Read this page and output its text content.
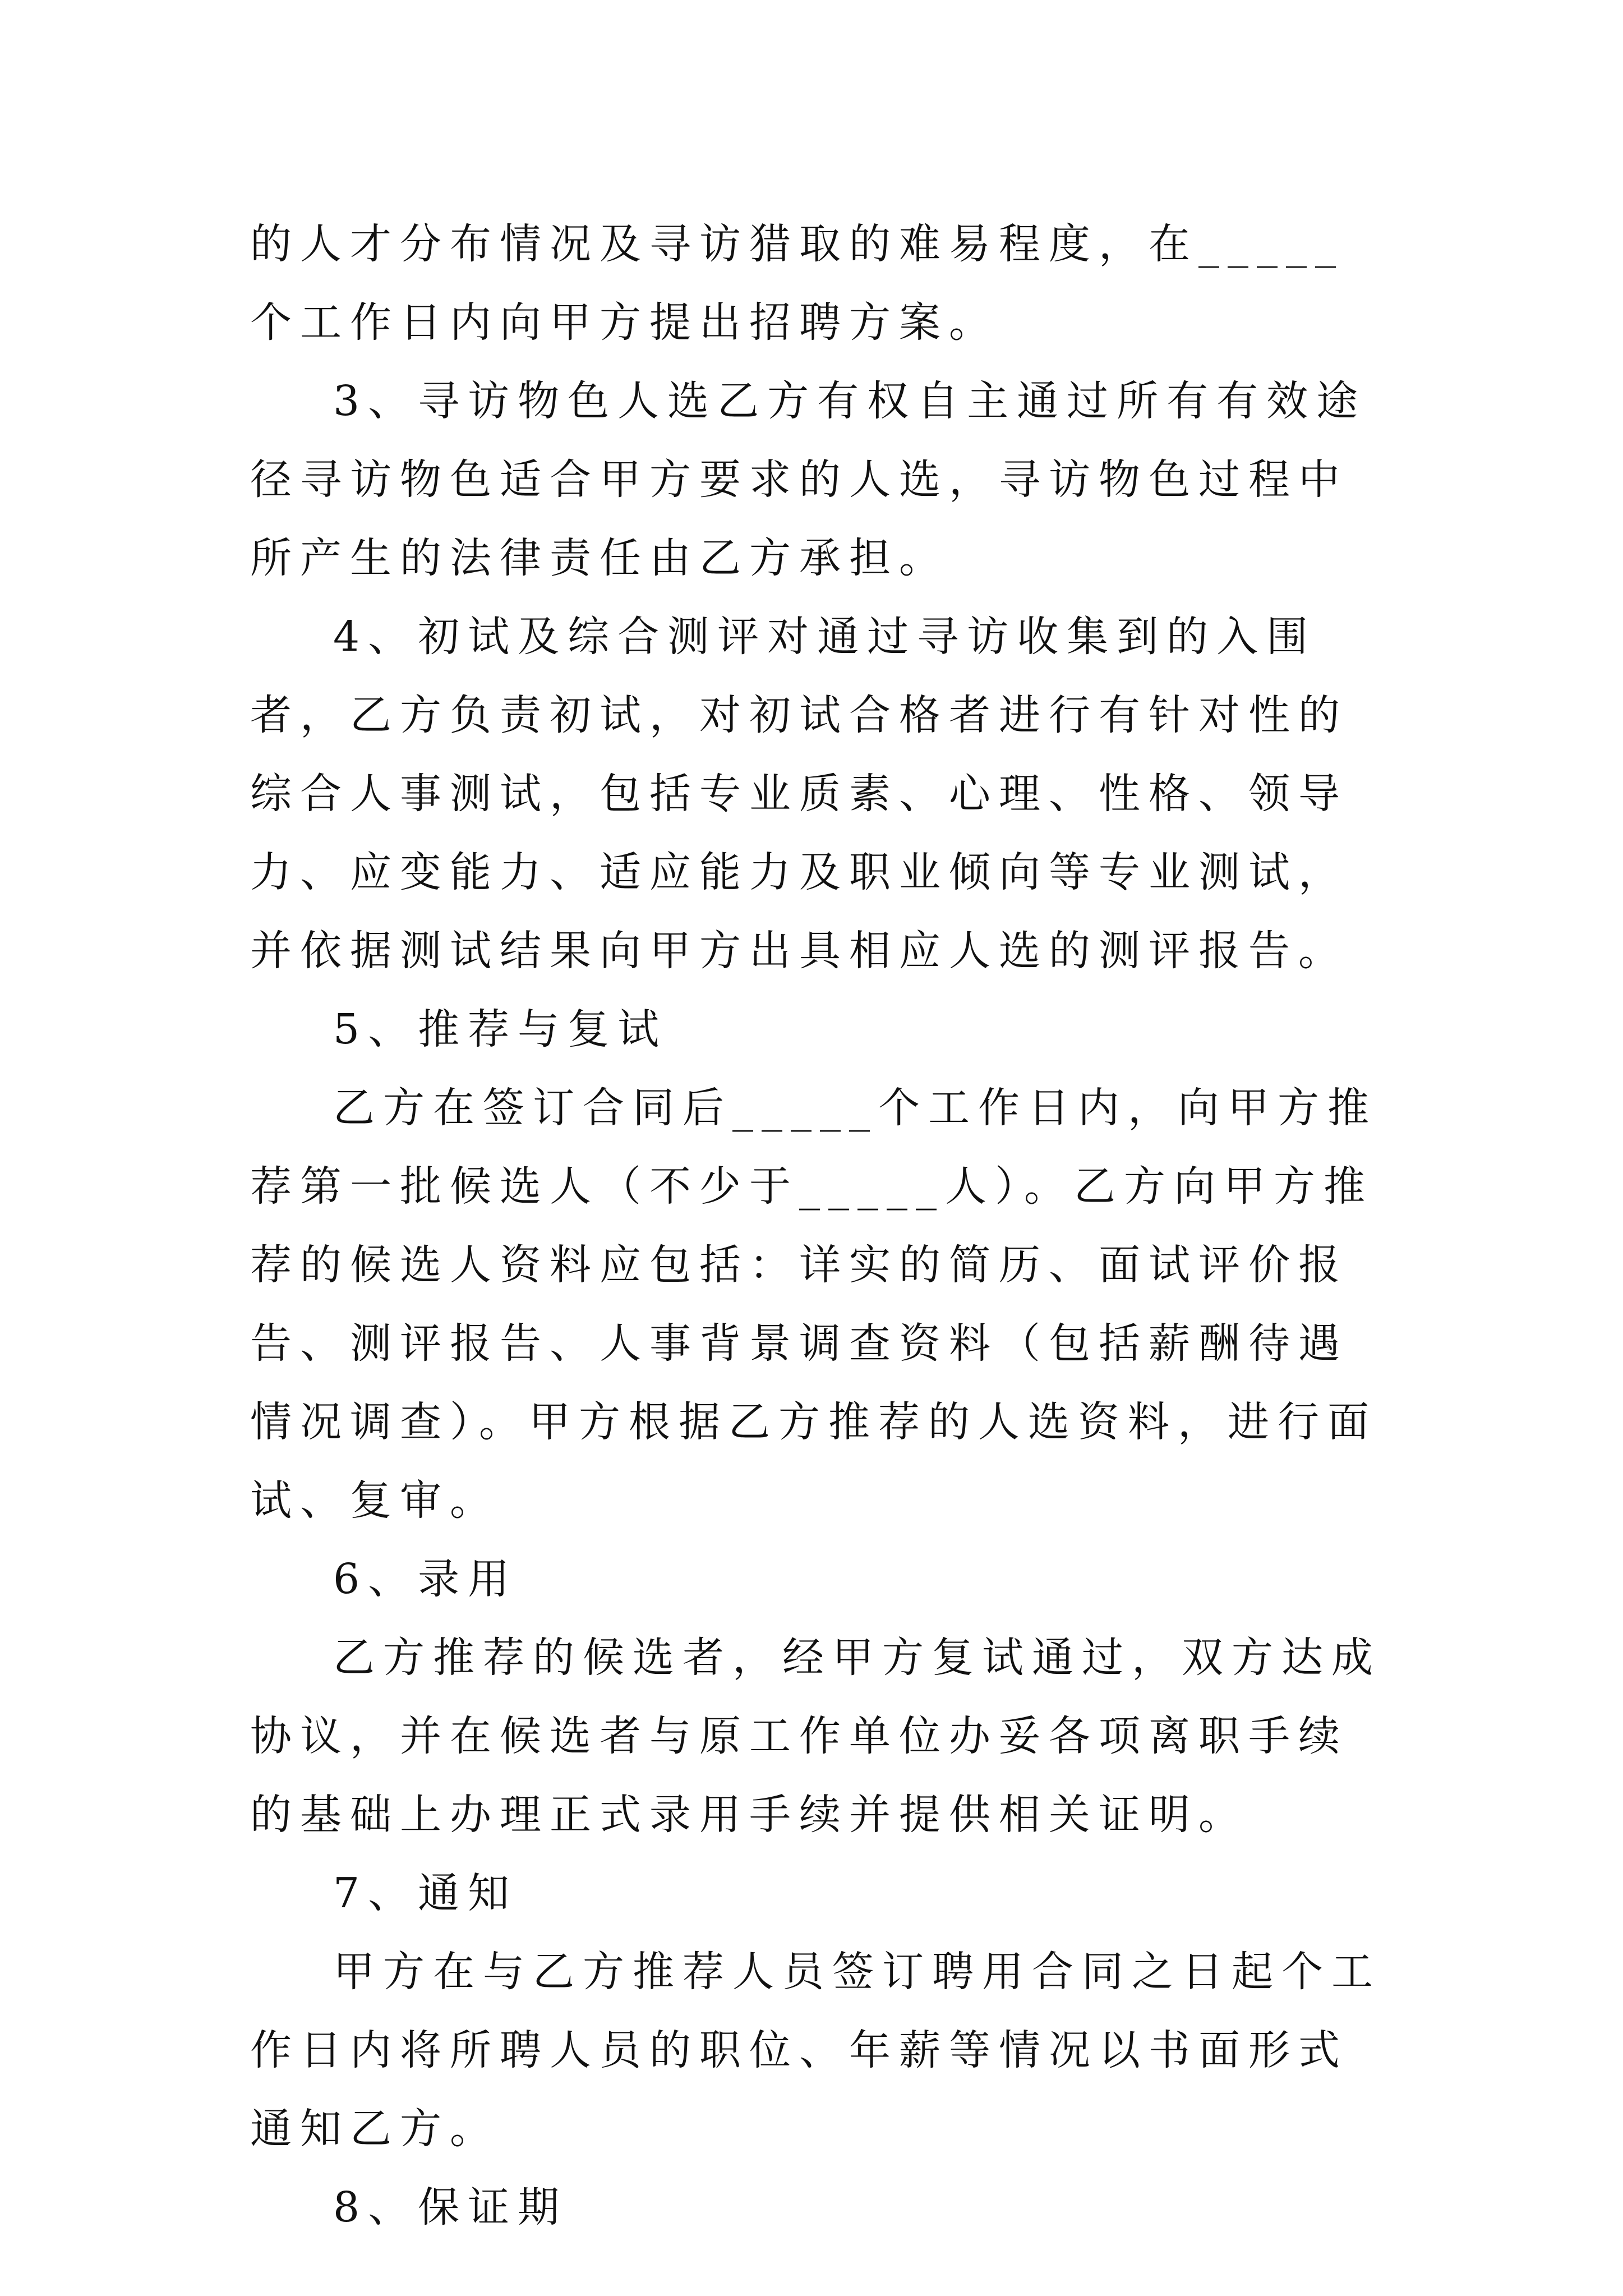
的人才分布情况及寻访猎取的难易程度，在_____个工作日内向甲方提出招聘方案。

3、寻访物色人选乙方有权自主通过所有有效途径寻访物色适合甲方要求的人选，寻访物色过程中所产生的法律责任由乙方承担。

4、初试及综合测评对通过寻访收集到的入围者，乙方负责初试，对初试合格者进行有针对性的综合人事测试，包括专业质素、心理、性格、领导力、应变能力、适应能力及职业倾向等专业测试，并依据测试结果向甲方出具相应人选的测评报告。

5、推荐与复试

乙方在签订合同后_____个工作日内，向甲方推荐第一批候选人（不少于_____人）。乙方向甲方推荐的候选人资料应包括：详实的简历、面试评价报告、测评报告、人事背景调查资料（包括薪酬待遇情况调查）。甲方根据乙方推荐的人选资料，进行面试、复审。

6、录用

乙方推荐的候选者，经甲方复试通过，双方达成协议，并在候选者与原工作单位办妥各项离职手续的基础上办理正式录用手续并提供相关证明。

7、通知

甲方在与乙方推荐人员签订聘用合同之日起个工作日内将所聘人员的职位、年薪等情况以书面形式通知乙方。

8、保证期
